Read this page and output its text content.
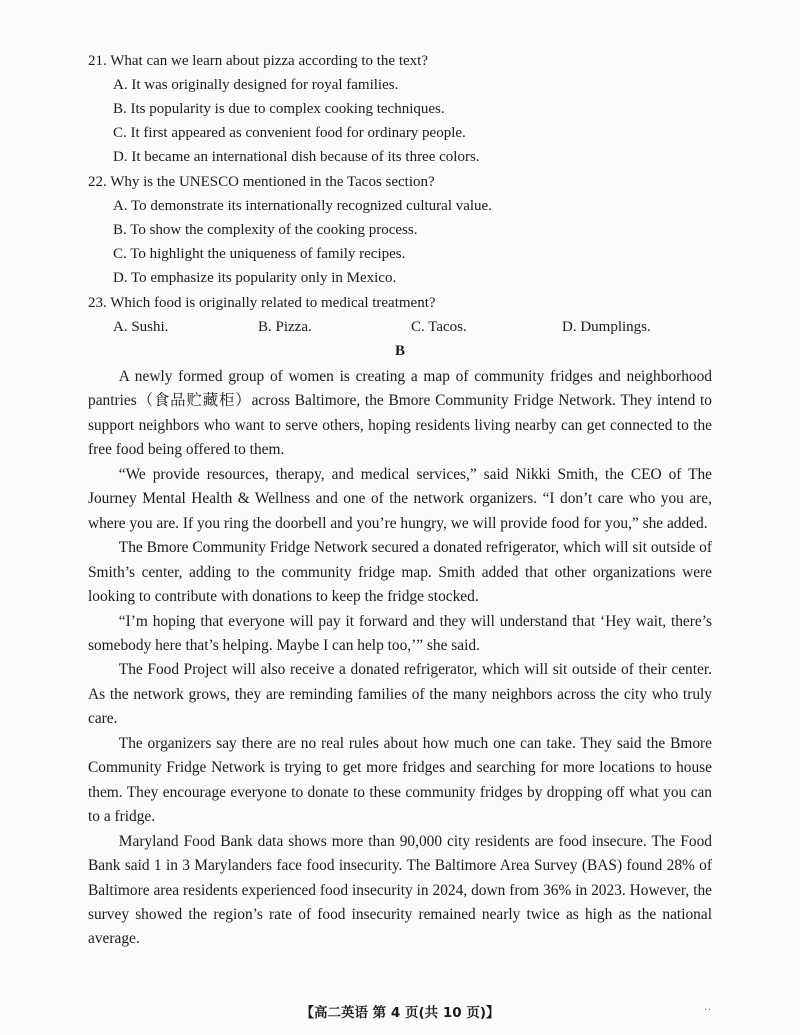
21. What can we learn about pizza according to the text?
A. It was originally designed for royal families.
B. Its popularity is due to complex cooking techniques.
C. It first appeared as convenient food for ordinary people.
D. It became an international dish because of its three colors.
22. Why is the UNESCO mentioned in the Tacos section?
A. To demonstrate its internationally recognized cultural value.
B. To show the complexity of the cooking process.
C. To highlight the uniqueness of family recipes.
D. To emphasize its popularity only in Mexico.
23. Which food is originally related to medical treatment?
A. Sushi.	B. Pizza.	C. Tacos.	D. Dumplings.
B

A newly formed group of women is creating a map of community fridges and neighborhood pantries（食品贮藏柜）across Baltimore, the Bmore Community Fridge Network. They intend to support neighbors who want to serve others, hoping residents living nearby can get connected to the free food being offered to them.

“We provide resources, therapy, and medical services,” said Nikki Smith, the CEO of The Journey Mental Health & Wellness and one of the network organizers. “I don’t care who you are, where you are. If you ring the doorbell and you’re hungry, we will provide food for you,” she added.

The Bmore Community Fridge Network secured a donated refrigerator, which will sit outside of Smith’s center, adding to the community fridge map. Smith added that other organizations were looking to contribute with donations to keep the fridge stocked.

“I’m hoping that everyone will pay it forward and they will understand that ‘Hey wait, there’s somebody here that’s helping. Maybe I can help too,’” she said.

The Food Project will also receive a donated refrigerator, which will sit outside of their center. As the network grows, they are reminding families of the many neighbors across the city who truly care.

The organizers say there are no real rules about how much one can take. They said the Bmore Community Fridge Network is trying to get more fridges and searching for more locations to house them. They encourage everyone to donate to these community fridges by dropping off what you can to a fridge.

Maryland Food Bank data shows more than 90,000 city residents are food insecure. The Food Bank said 1 in 3 Marylanders face food insecurity. The Baltimore Area Survey (BAS) found 28% of Baltimore area residents experienced food insecurity in 2024, down from 36% in 2023. However, the survey showed the region’s rate of food insecurity remained nearly twice as high as the national average.

【高二英语 第 4 页(共 10 页)】	··
